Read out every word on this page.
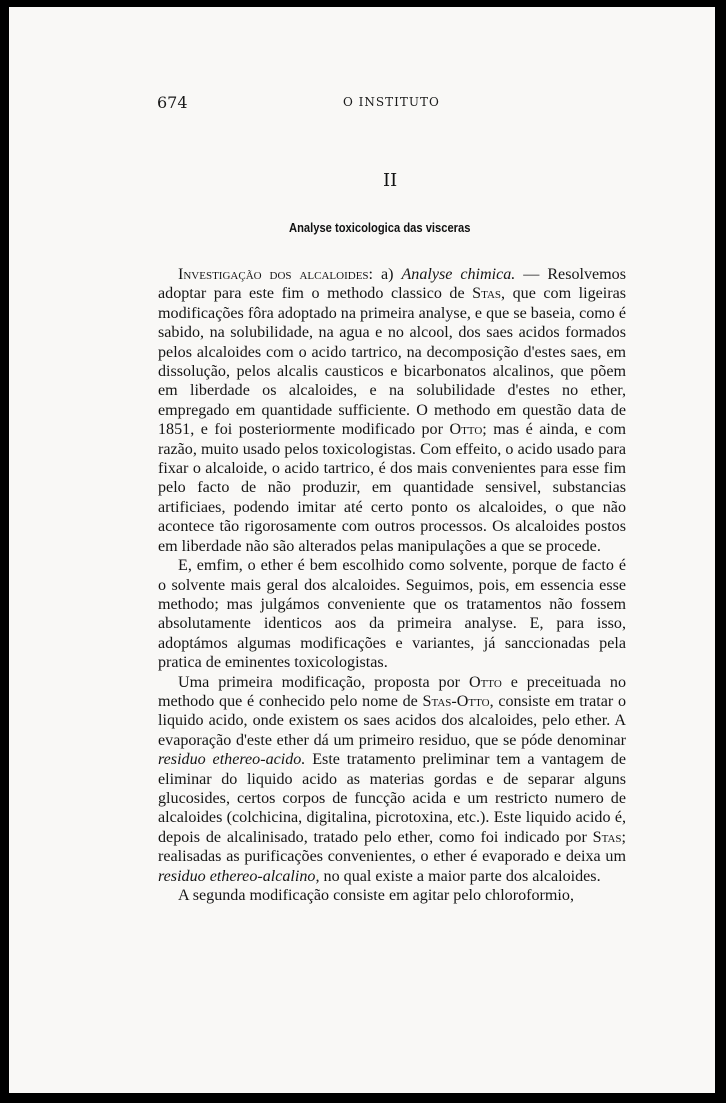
674	O INSTITUTO
II
Analyse toxicologica das visceras

Investigação dos alcaloides: a) Analyse chimica. — Resolvemos adoptar para este fim o methodo classico de Stas, que com ligeiras modificações fôra adoptado na primeira analyse, e que se baseia, como é sabido, na solubilidade, na agua e no alcool, dos saes acidos formados pelos alcaloides com o acido tartrico, na decomposição d'estes saes, em dissolução, pelos alcalis causticos e bicarbonatos alcalinos, que põem em liberdade os alcaloides, e na solubilidade d'estes no ether, empregado em quantidade sufficiente. O methodo em questão data de 1851, e foi posteriormente modificado por Otto; mas é ainda, e com razão, muito usado pelos toxicologistas. Com effeito, o acido usado para fixar o alcaloide, o acido tartrico, é dos mais convenientes para esse fim pelo facto de não produzir, em quantidade sensivel, substancias artificiaes, podendo imitar até certo ponto os alcaloides, o que não acontece tão rigorosamente com outros processos. Os alcaloides postos em liberdade não são alterados pelas manipulações a que se procede.

E, emfim, o ether é bem escolhido como solvente, porque de facto é o solvente mais geral dos alcaloides. Seguimos, pois, em essencia esse methodo; mas julgámos conveniente que os tratamentos não fossem absolutamente identicos aos da primeira analyse. E, para isso, adoptámos algumas modificações e variantes, já sanccionadas pela pratica de eminentes toxicologistas.

Uma primeira modificação, proposta por Otto e preceituada no methodo que é conhecido pelo nome de Stas-Otto, consiste em tratar o liquido acido, onde existem os saes acidos dos alcaloides, pelo ether. A evaporação d'este ether dá um primeiro residuo, que se póde denominar residuo ethereo-acido. Este tratamento preliminar tem a vantagem de eliminar do liquido acido as materias gordas e de separar alguns glucosides, certos corpos de funcção acida e um restricto numero de alcaloides (colchicina, digitalina, picrotoxina, etc.). Este liquido acido é, depois de alcalinisado, tratado pelo ether, como foi indicado por Stas; realisadas as purificações convenientes, o ether é evaporado e deixa um residuo ethereo-alcalino, no qual existe a maior parte dos alcaloides.

A segunda modificação consiste em agitar pelo chloroformio,
